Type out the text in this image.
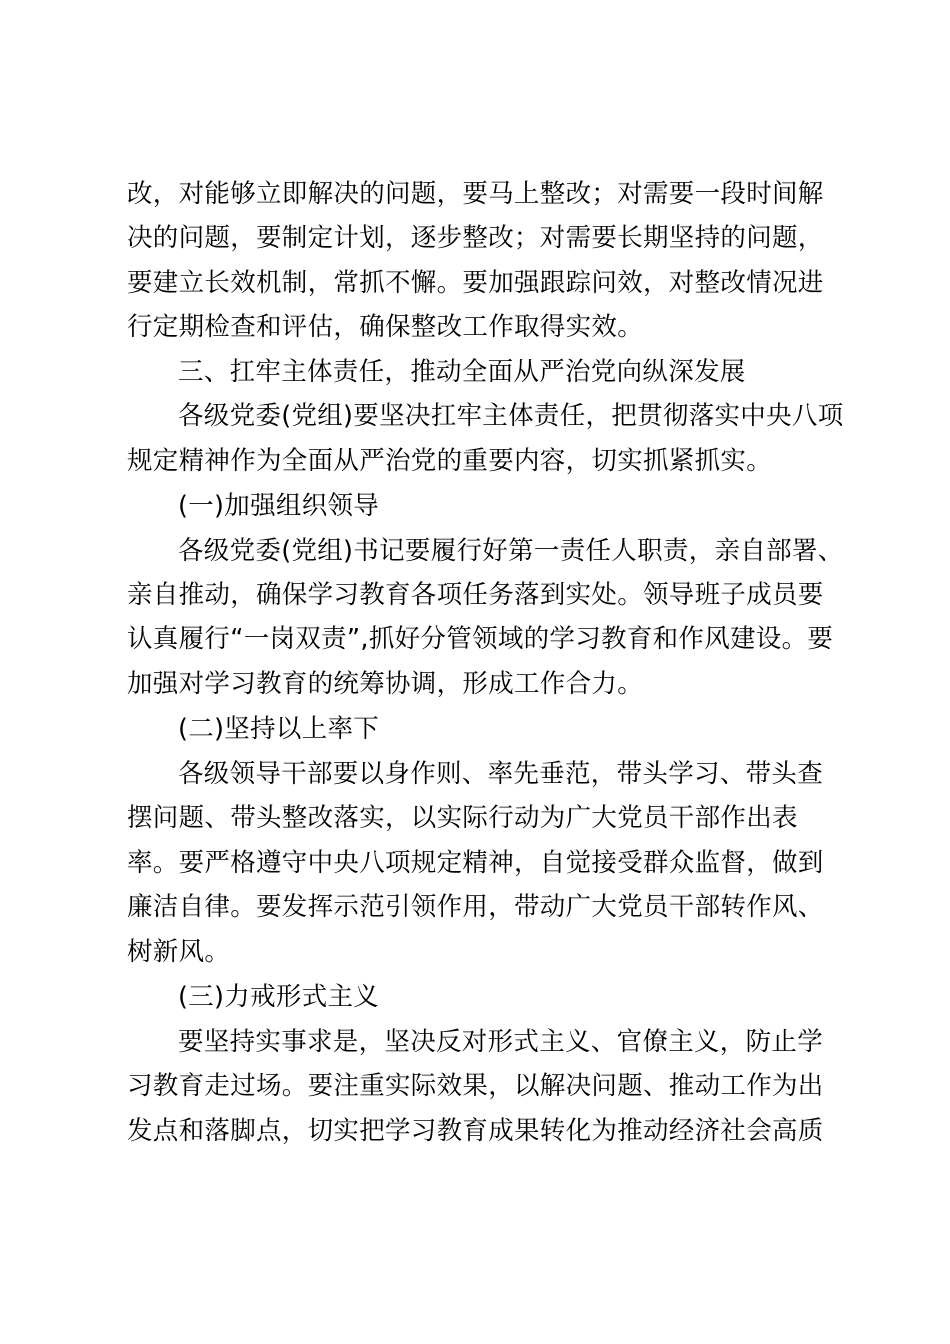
改，对能够立即解决的问题，要马上整改；对需要一段时间解
决的问题，要制定计划，逐步整改；对需要长期坚持的问题，
要建立长效机制，常抓不懈。要加强跟踪问效，对整改情况进
行定期检查和评估，确保整改工作取得实效。
三、扛牢主体责任，推动全面从严治党向纵深发展
各级党委(党组)要坚决扛牢主体责任，把贯彻落实中央八项
规定精神作为全面从严治党的重要内容，切实抓紧抓实。
(一)加强组织领导
各级党委(党组)书记要履行好第一责任人职责，亲自部署、
亲自推动，确保学习教育各项任务落到实处。领导班子成员要
认真履行“一岗双责”,抓好分管领域的学习教育和作风建设。要
加强对学习教育的统筹协调，形成工作合力。
(二)坚持以上率下
各级领导干部要以身作则、率先垂范，带头学习、带头查
摆问题、带头整改落实，以实际行动为广大党员干部作出表
率。要严格遵守中央八项规定精神，自觉接受群众监督，做到
廉洁自律。要发挥示范引领作用，带动广大党员干部转作风、
树新风。
(三)力戒形式主义
要坚持实事求是，坚决反对形式主义、官僚主义，防止学
习教育走过场。要注重实际效果，以解决问题、推动工作为出
发点和落脚点，切实把学习教育成果转化为推动经济社会高质
